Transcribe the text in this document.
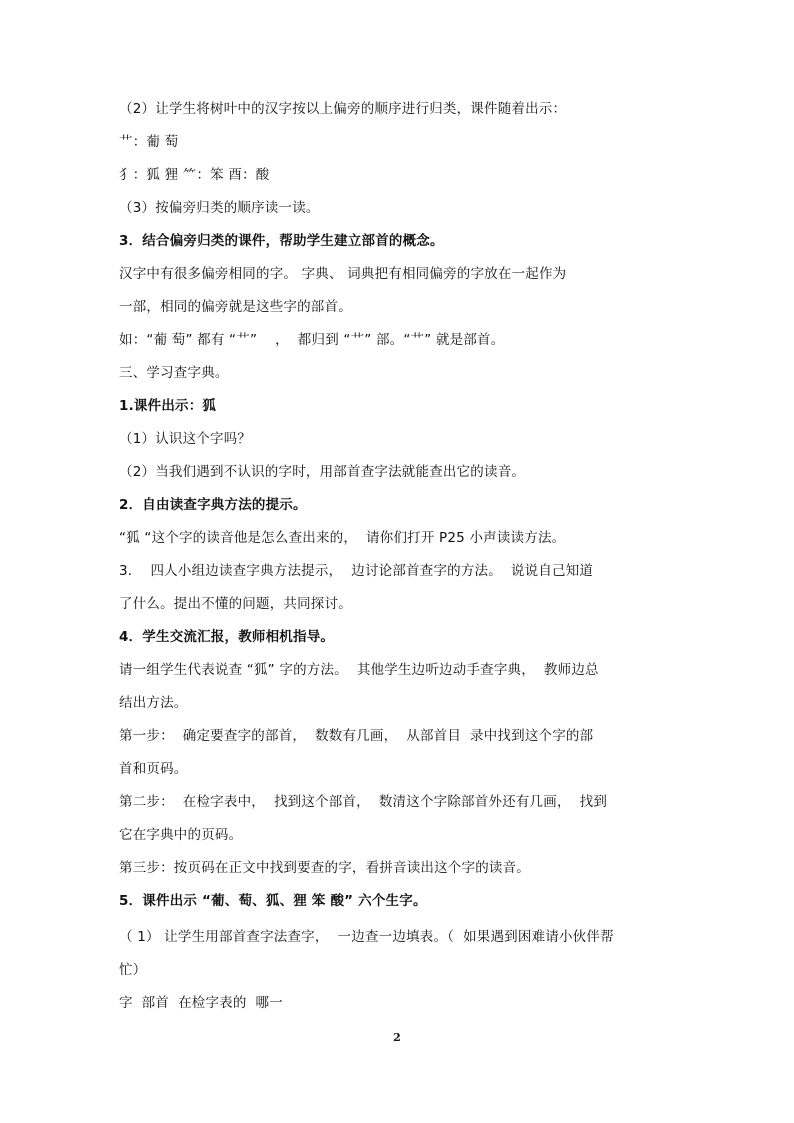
（2）让学生将树叶中的汉字按以上偏旁的顺序进行归类，课件随着出示：
艹：葡 萄
犭：狐 狸 ⺮：笨 酉：酸
（3）按偏旁归类的顺序读一读。
3．结合偏旁归类的课件，帮助学生建立部首的概念。
汉字中有很多偏旁相同的字。 字典、 词典把有相同偏旁的字放在一起作为
一部，相同的偏旁就是这些字的部首。
如：“葡 萄” 都有 “艹”    ，  都归到 “艹” 部。“艹” 就是部首。
三、学习查字典。
1.课件出示：狐
（1）认识这个字吗？
（2）当我们遇到不认识的字时，用部首查字法就能查出它的读音。
2．自由读查字典方法的提示。
“狐 “这个字的读音他是怎么查出来的，  请你们打开 P25 小声读读方法。
3．  四人小组边读查字典方法提示，  边讨论部首查字的方法。  说说自己知道
了什么。提出不懂的问题，共同探讨。
4．学生交流汇报，教师相机指导。
请一组学生代表说查 “狐” 字的方法。  其他学生边听边动手查字典，  教师边总
结出方法。
第一步：  确定要查字的部首，  数数有几画，  从部首目  录中找到这个字的部
首和页码。
第二步：  在检字表中，  找到这个部首，  数清这个字除部首外还有几画，  找到
它在字典中的页码。
第三步：按页码在正文中找到要查的字，看拼音读出这个字的读音。
5．课件出示 “葡、萄、狐、狸 笨 酸” 六个生字。
（ 1） 让学生用部首查字法查字，  一边查一边填表。（  如果遇到困难请小伙伴帮
忙）
字  部首  在检字表的  哪一
2
